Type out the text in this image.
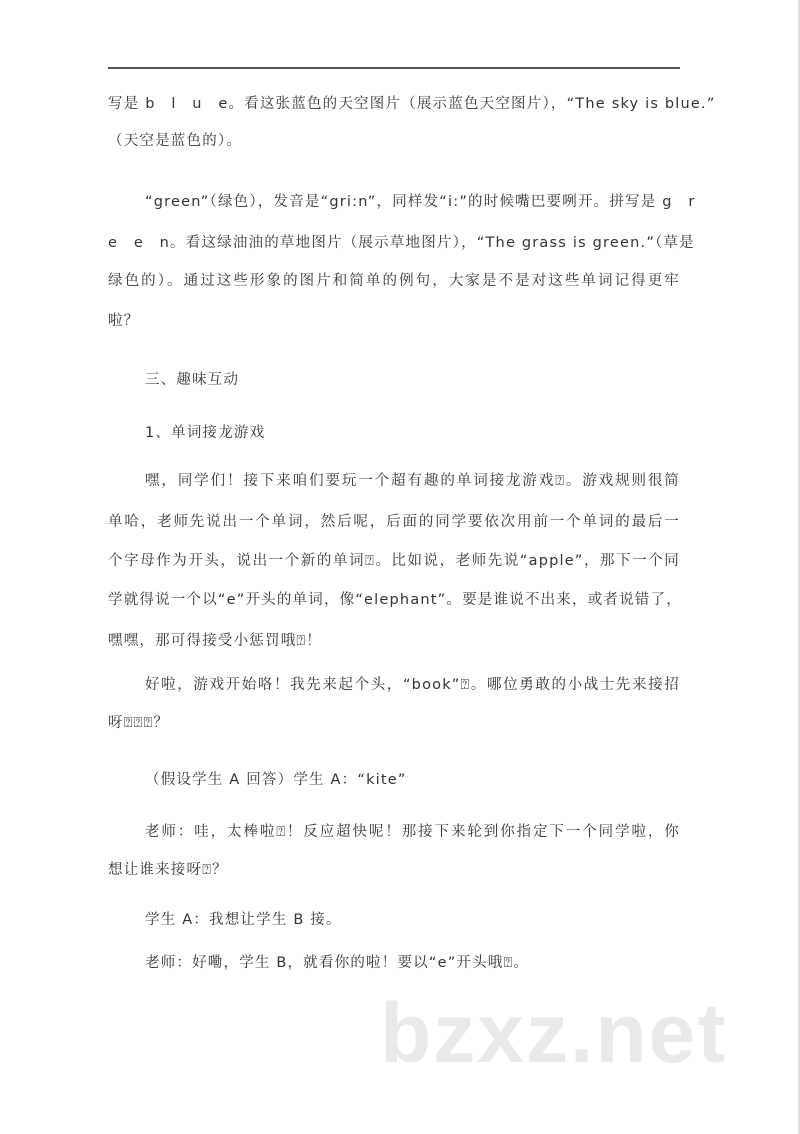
写是 b　l　u　e。看这张蓝色的天空图片（展示蓝色天空图片），“The sky is blue.”
（天空是蓝色的）。
“green”（绿色），发音是“gri:n”，同样发“i:”的时候嘴巴要咧开。拼写是 g　r
e　e　n。看这绿油油的草地图片（展示草地图片），“The grass is green.”（草是
绿色的）。通过这些形象的图片和简单的例句，大家是不是对这些单词记得更牢
啦？
三、趣味互动
1、单词接龙游戏
嘿，同学们！接下来咱们要玩一个超有趣的单词接龙游戏⍰。游戏规则很简
单哈，老师先说出一个单词，然后呢，后面的同学要依次用前一个单词的最后一
个字母作为开头，说出一个新的单词⍰。比如说，老师先说“apple”，那下一个同
学就得说一个以“e”开头的单词，像“elephant”。要是谁说不出来，或者说错了，
嘿嘿，那可得接受小惩罚哦⍰！
好啦，游戏开始咯！我先来起个头，“book”⍰。哪位勇敢的小战士先来接招
呀⍰⍰⍰？
（假设学生 A 回答）学生 A：“kite”
老师：哇，太棒啦⍰！反应超快呢！那接下来轮到你指定下一个同学啦，你
想让谁来接呀⍰？
学生 A：我想让学生 B 接。
老师：好嘞，学生 B，就看你的啦！要以“e”开头哦⍰。
bzxz.net
